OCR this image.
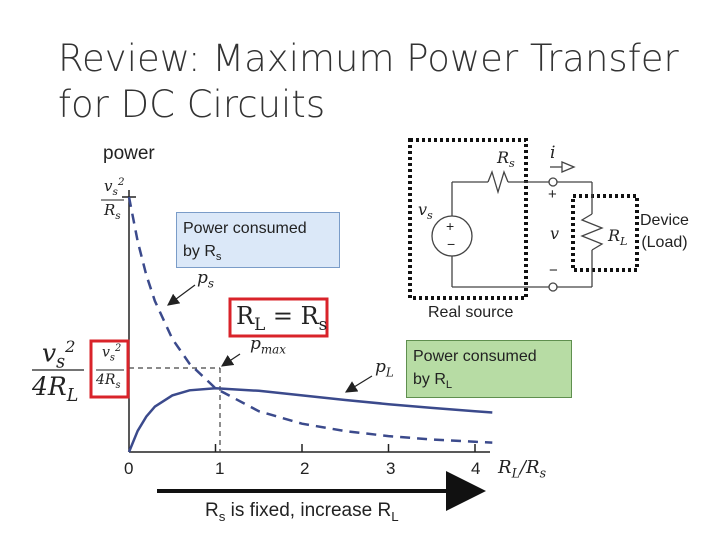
Review: Maximum Power Transfer
for DC Circuits
power
$v_s^2$
$R_s$
$v_s^2$
$4R_s$
$v_s^2$
$4R_L$
$R_L = R_s$
$p_s$
$p_{max}$
$p_L$
0	1	2	3	4 $R_L/R_s$
$R_s$
i
$v_s$
+
−
+
v
−
$R_L$
Power consumed
by $R_s$
Power consumed
by $R_L$
Real source
Device
(Load)
$R_s$ is fixed, increase $R_L$
